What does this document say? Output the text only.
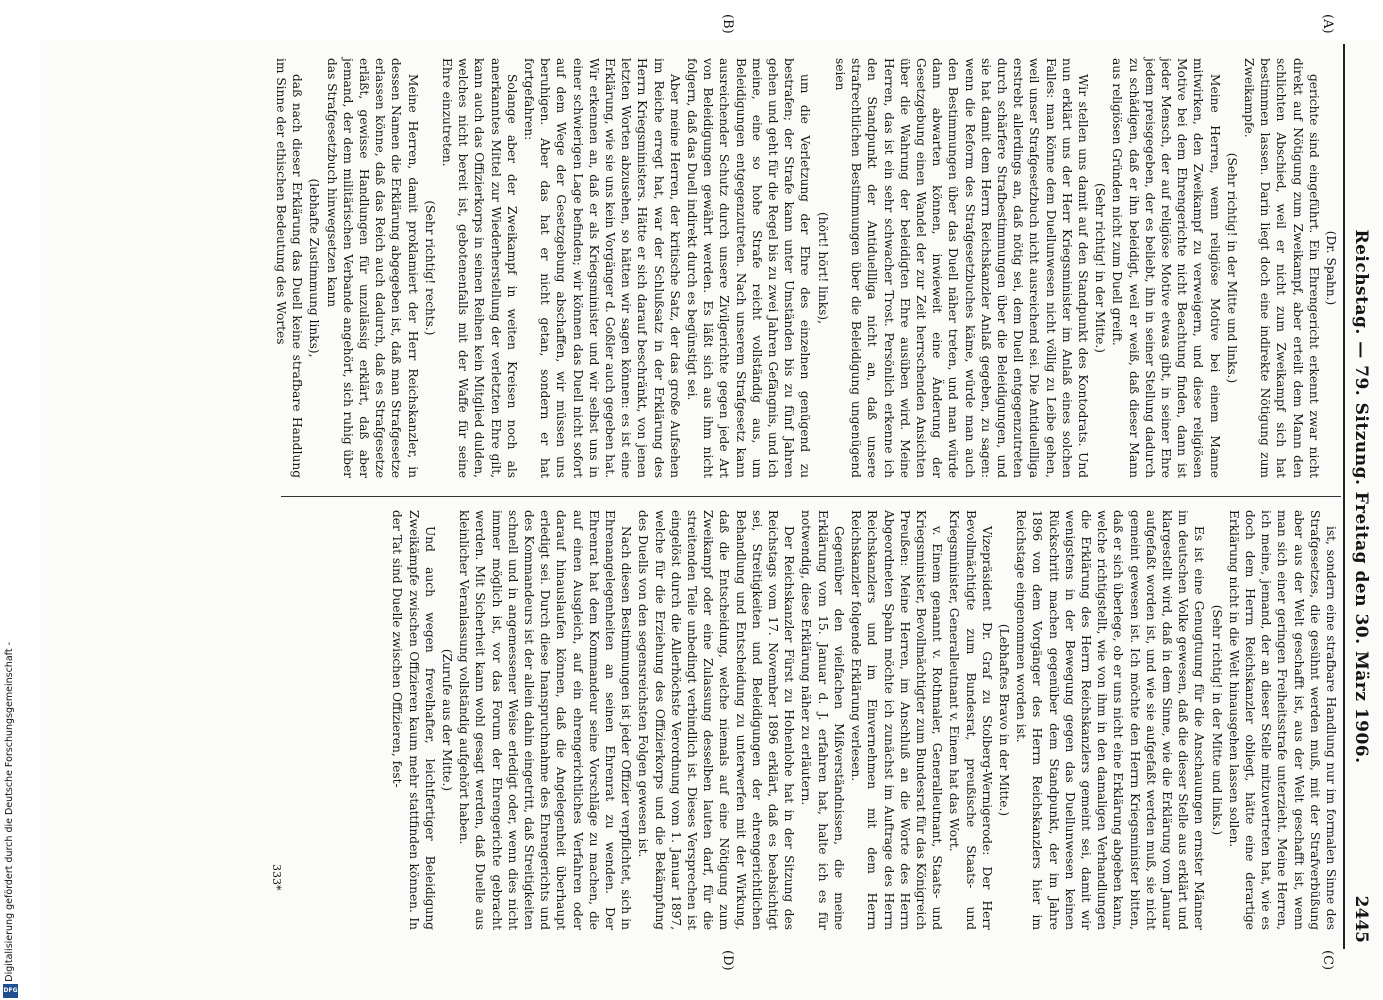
Digitalisierung gefördert durch die Deutsche Forschungsgemeinschaft -
DFG
Reichstag. — 79. Sitzung. Freitag den 30. März 1906.
2445
(A)
(B)
(C)
(D)

(Dr. Spahn.)

gerichte sind eingeführt. Ein Ehrengericht erkennt zwar nicht direkt auf Nötigung zum Zweikampf, aber erteilt dem Mann den schlichten Abschied, weil er nicht zum Zweikampf sich hat bestimmen lassen. Darin liegt doch eine indirekte Nötigung zum Zweikampfe.

(Sehr richtig! in der Mitte und links.)

Meine Herren, wenn religiöse Motive bei einem Manne mitwirken, den Zweikampf zu verweigern, und diese religiösen Motive bei dem Ehrengerichte nicht Beachtung finden, dann ist jeder Mensch, der auf religiöse Motive etwas gibt, in seiner Ehre jedem preisgegeben, der es beliebt, ihn in seiner Stellung dadurch zu schädigen, daß er ihn beleidigt, weil er weiß, daß dieser Mann aus religiösen Gründen nicht zum Duell greift.

(Sehr richtig! in der Mitte.)

Wir stellen uns damit auf den Standpunkt des Kontodrats. Und nun erklärt uns der Herr Kriegsminister im Anlaß eines solchen Falles: man könne dem Duellunwesen nicht völlig zu Leibe gehen, weil unser Strafgesetzbuch nicht ausreichend sei. Die Antiduellliga erstrebt allerdings an, daß nötig sei, dem Duell entgegenzutreten durch schärfere Strafbestimmungen über die Beleidigungen, und sie hat damit dem Herrn Reichskanzler Anlaß gegeben, zu sagen: wenn die Reform des Strafgesetzbuches käme, würde man auch den Bestimmungen über das Duell näher treten, und man würde dann abwarten können, inwieweit eine Änderung der Gesetzgebung einen Wandel der zur Zeit herrschenden Ansichten über die Wahrung der beleidigten Ehre ausüben wird. Meine Herren, das ist ein sehr schwacher Trost. Persönlich erkenne ich den Standpunkt der Antiduellliga nicht an, daß unsere strafrechtlichen Bestimmungen über die Beleidigung ungenügend seien

(hört! hört! links),

um die Verletzung der Ehre des einzelnen genügend zu bestrafen; der Strafe kann unter Umständen bis zu fünf Jahren gehen und geht für die Regel bis zu zwei Jahren Gefängnis, und ich meine, eine so hohe Strafe reicht vollständig aus, um Beleidigungen entgegenzutreten. Nach unserem Strafgesetz kann ausreichender Schutz durch unsere Zivilgerichte gegen jede Art von Beleidigungen gewährt werden. Es läßt sich aus ihm nicht folgern, daß das Duell indirekt durch es begünstigt sei.

Aber meine Herren, der kritische Satz, der das große Aufsehen im Reiche erregt hat, war der Schlußsatz in der Erklärung des Herrn Kriegsministers. Hätte er sich darauf beschränkt, von jenen letzten Worten abzusehen, so hätten wir sagen können: es ist eine Erklärung, wie sie uns kein Vorgänger d. Goßler auch gegeben hat. Wir erkennen an, daß er als Kriegsminister und wir selbst uns in einer schwierigen Lage befinden; wir können das Duell nicht sofort auf dem Wege der Gesetzgebung abschaffen, wir müssen uns beruhigen. Aber das hat er nicht getan, sondern er hat fortgefahren:

Solange aber der Zweikampf in weiten Kreisen noch als anerkanntes Mittel zur Wiederherstellung der verletzten Ehre gilt, kann auch das Offizierkorps in seinen Reihen kein Mitglied dulden, welches nicht bereit ist, gebotenenfalls mit der Waffe für seine Ehre einzutreten.

(Sehr richtig! rechts.)

Meine Herren, damit proklamiert der Herr Reichskanzler, in dessen Namen die Erklärung abgegeben ist, daß man Strafgesetze erlassen könne, daß das Reich auch dadurch, daß es Strafgesetze erläßt, gewisse Handlungen für unzulässig erklärt, daß aber jemand, der dem militärischen Verbande angehört, sich ruhig über das Strafgesetzbuch hinwegsetzen kann

(lebhafte Zustimmung links),

daß nach dieser Erklärung das Duell keine strafbare Handlung im Sinne der ethischen Bedeutung des Wortes

ist, sondern eine strafbare Handlung nur im formalen Sinne des Strafgesetzes, die gesühnt werden muß, mit der Strafverbüßung aber aus der Welt geschafft ist, aus der Welt geschafft ist, wenn man sich einer geringen Freiheitsstrafe unterzieht. Meine Herren, ich meine, jemand, der an dieser Stelle mitzuvertreten hat, wie es doch dem Herrn Reichskanzler obliegt, hätte eine derartige Erklärung nicht in die Welt hinausgehen lassen sollen.

(Sehr richtig! in der Mitte und links.)

Es ist eine Genugtuung für die Anschauungen ernster Männer im deutschen Volke gewesen, daß die dieser Stelle aus erklärt und klargestellt wird, daß in dem Sinne, wie die Erklärung vom Januar aufgefaßt worden ist, und wie sie aufgefaßt werden muß, sie nicht gemeint gewesen ist. Ich möchte den Herrn Kriegsminister bitten, daß er sich überlege, ob er uns nicht eine Erklärung abgeben kann, welche richtigstellt, wie von ihm in den damaligen Verhandlungen die Erklärung des Herrn Reichskanzlers gemeint sei, damit wir wenigstens in der Bewegung gegen das Duellunwesen keinen Rückschritt machen gegenüber dem Standpunkt, der im Jahre 1896 von dem Vorgänger des Herrn Reichskanzlers hier im Reichstage eingenommen worden ist.

(Lebhaftes Bravo in der Mitte.)

Vizepräsident Dr. Graf zu Stolberg-Wernigerode: Der Herr Bevollmächtigte zum Bundesrat, preußische Staats- und Kriegsminister, Generalleutnant v. Einem hat das Wort.

v. Einem genannt v. Rothmaler, Generalleutnant, Staats- und Kriegsminister, Bevollmächtigter zum Bundesrat für das Königreich Preußen: Meine Herren, im Anschluß an die Worte des Herrn Abgeordneten Spahn möchte ich zunächst im Auftrage des Herrn Reichskanzlers und im Einvernehmen mit dem Herrn Reichskanzler folgende Erklärung verlesen.

Gegenüber den vielfachen Mißverständnissen, die meine Erklärung vom 15. Januar d. J. erfahren hat, halte ich es für notwendig, diese Erklärung näher zu erläutern.

Der Reichskanzler Fürst zu Hohenlohe hat in der Sitzung des Reichstags vom 17. November 1896 erklärt, daß es beabsichtigt sei, Streitigkeiten und Beleidigungen der ehrengerichtlichen Behandlung und Entscheidung zu unterwerfen mit der Wirkung, daß die Entscheidung, welche niemals auf eine Nötigung zum Zweikampf oder eine Zulassung desselben lauten darf, für die streitenden Teile unbedingt verbindlich ist. Dieses Versprechen ist eingelöst durch die Allerhöchste Verordnung vom 1. Januar 1897, welche für die Erziehung des Offizierkorps und die Bekämpfung des Duells von den segensreichsten Folgen gewesen ist.

Nach diesen Bestimmungen ist jeder Offizier verpflichtet, sich in Ehrenangelegenheiten an seinen Ehrenrat zu wenden. Der Ehrenrat hat dem Kommandeur seine Vorschläge zu machen, die auf einen Ausgleich, auf ein ehrengerichtliches Verfahren oder darauf hinauslaufen können, daß die Angelegenheit überhaupt erledigt sei. Durch diese Inanspruchnahme des Ehrengerichts und des Kommandeurs ist der allein dahin eingetritt, daß Streitigkeiten schnell und in angemessener Weise erledigt oder, wenn dies nicht immer möglich ist, vor das Forum der Ehrengerichte gebracht werden. Mit Sicherheit kann wohl gesagt werden, daß Duelle aus kleinlicher Veranlassung vollständig aufgehört haben.

(Zurufe aus der Mitte.)

Und auch wegen frevelhafter, leichtfertiger Beleidigung Zweikämpfe zwischen Offizieren kaum mehr stattfinden können. In der Tat sind Duelle zwischen Offizieren, fest-

333*
